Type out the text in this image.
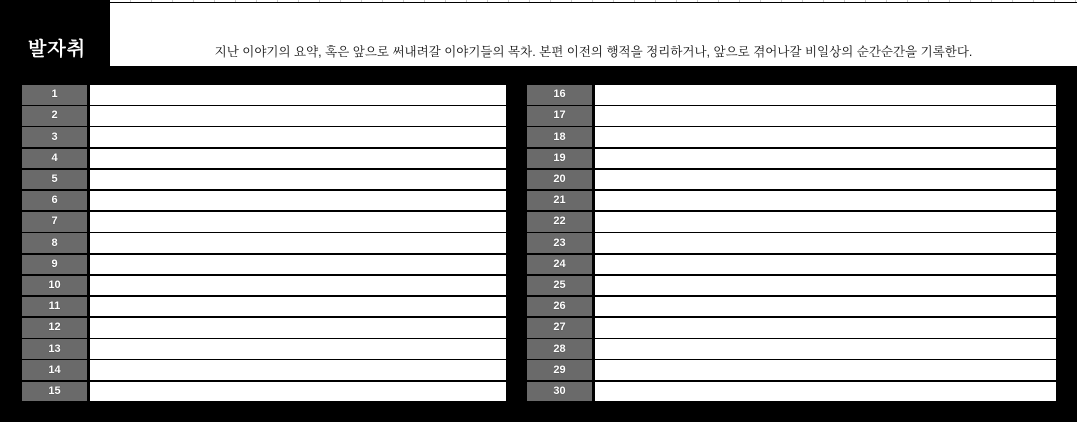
발자취	지난 이야기의 요약, 혹은 앞으로 써내려갈 이야기들의 목차. 본편 이전의 행적을 정리하거나, 앞으로 겪어나갈 비일상의 순간순간을 기록한다.
1
2
3
4
5
6
7
8
9
10
11
12
13
14
15
16
17
18
19
20
21
22
23
24
25
26
27
28
29
30
